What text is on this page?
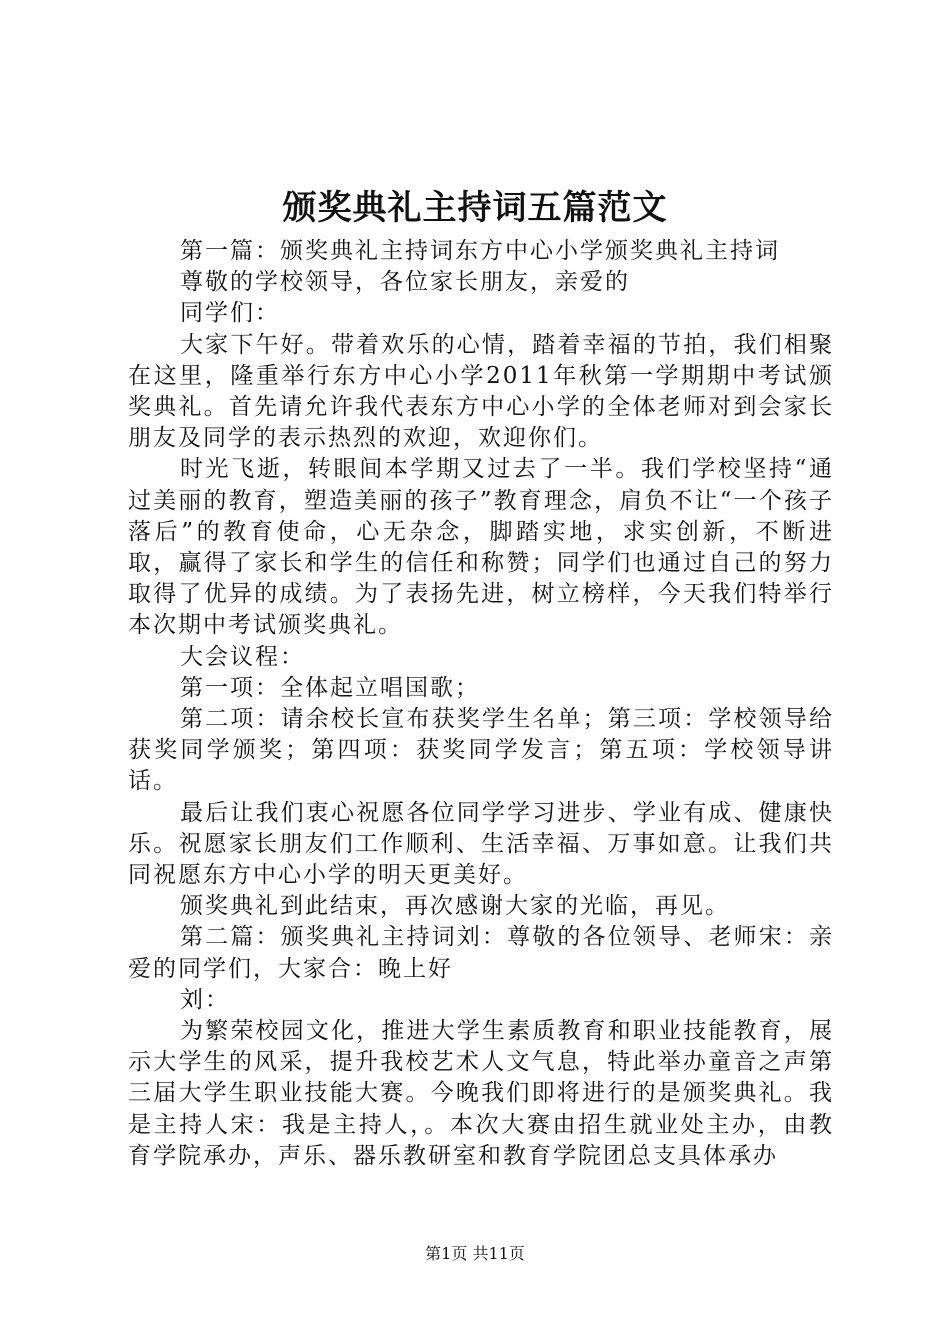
颁奖典礼主持词五篇范文

第一篇：颁奖典礼主持词东方中心小学颁奖典礼主持词

尊敬的学校领导，各位家长朋友，亲爱的

同学们：

大家下午好。带着欢乐的心情，踏着幸福的节拍，我们相聚在这里，隆重举行东方中心小学2011年秋第一学期期中考试颁奖典礼。首先请允许我代表东方中心小学的全体老师对到会家长朋友及同学的表示热烈的欢迎，欢迎你们。

时光飞逝，转眼间本学期又过去了一半。我们学校坚持“通过美丽的教育，塑造美丽的孩子”教育理念，肩负不让“一个孩子落后”的教育使命，心无杂念，脚踏实地，求实创新，不断进取，赢得了家长和学生的信任和称赞；同学们也通过自己的努力取得了优异的成绩。为了表扬先进，树立榜样，今天我们特举行本次期中考试颁奖典礼。

大会议程：

第一项：全体起立唱国歌；

第二项：请余校长宣布获奖学生名单；第三项：学校领导给获奖同学颁奖；第四项：获奖同学发言；第五项：学校领导讲话。

最后让我们衷心祝愿各位同学学习进步、学业有成、健康快乐。祝愿家长朋友们工作顺利、生活幸福、万事如意。让我们共同祝愿东方中心小学的明天更美好。

颁奖典礼到此结束，再次感谢大家的光临，再见。

第二篇：颁奖典礼主持词刘：尊敬的各位领导、老师宋：亲爱的同学们，大家合：晚上好

刘：

为繁荣校园文化，推进大学生素质教育和职业技能教育，展示大学生的风采，提升我校艺术人文气息，特此举办童音之声第三届大学生职业技能大赛。今晚我们即将进行的是颁奖典礼。我是主持人宋：我是主持人，。本次大赛由招生就业处主办，由教育学院承办，声乐、器乐教研室和教育学院团总支具体承办

第1页 共11页
